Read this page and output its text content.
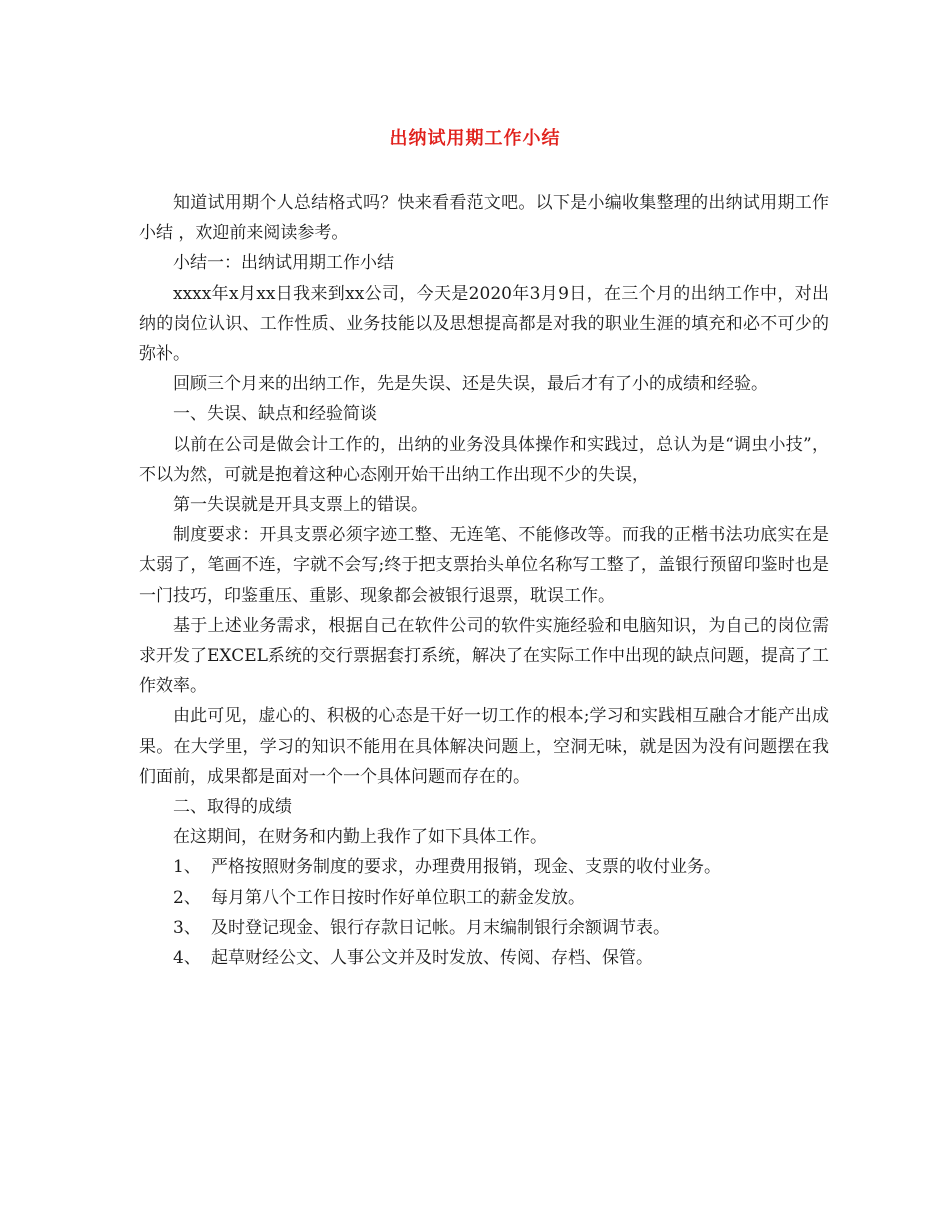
出纳试用期工作小结

知道试用期个人总结格式吗？快来看看范文吧。以下是小编收集整理的出纳试用期工作小结 ，欢迎前来阅读参考。

小结一：出纳试用期工作小结

xxxx年x月xx日我来到xx公司，今天是2020年3月9日，在三个月的出纳工作中，对出纳的岗位认识、工作性质、业务技能以及思想提高都是对我的职业生涯的填充和必不可少的弥补。

回顾三个月来的出纳工作，先是失误、还是失误，最后才有了小的成绩和经验。

一、失误、缺点和经验简谈

以前在公司是做会计工作的，出纳的业务没具体操作和实践过，总认为是“调虫小技”，不以为然，可就是抱着这种心态刚开始干出纳工作出现不少的失误，

第一失误就是开具支票上的错误。

制度要求：开具支票必须字迹工整、无连笔、不能修改等。而我的正楷书法功底实在是太弱了，笔画不连，字就不会写;终于把支票抬头单位名称写工整了，盖银行预留印鉴时也是一门技巧，印鉴重压、重影、现象都会被银行退票，耽误工作。

基于上述业务需求，根据自己在软件公司的软件实施经验和电脑知识，为自己的岗位需求开发了EXCEL系统的交行票据套打系统，解决了在实际工作中出现的缺点问题，提高了工作效率。

由此可见，虚心的、积极的心态是干好一切工作的根本;学习和实践相互融合才能产出成果。在大学里，学习的知识不能用在具体解决问题上，空洞无味，就是因为没有问题摆在我们面前，成果都是面对一个一个具体问题而存在的。

二、取得的成绩

在这期间，在财务和内勤上我作了如下具体工作。

1、 严格按照财务制度的要求，办理费用报销，现金、支票的收付业务。

2、 每月第八个工作日按时作好单位职工的薪金发放。

3、 及时登记现金、银行存款日记帐。月末编制银行余额调节表。

4、 起草财经公文、人事公文并及时发放、传阅、存档、保管。
